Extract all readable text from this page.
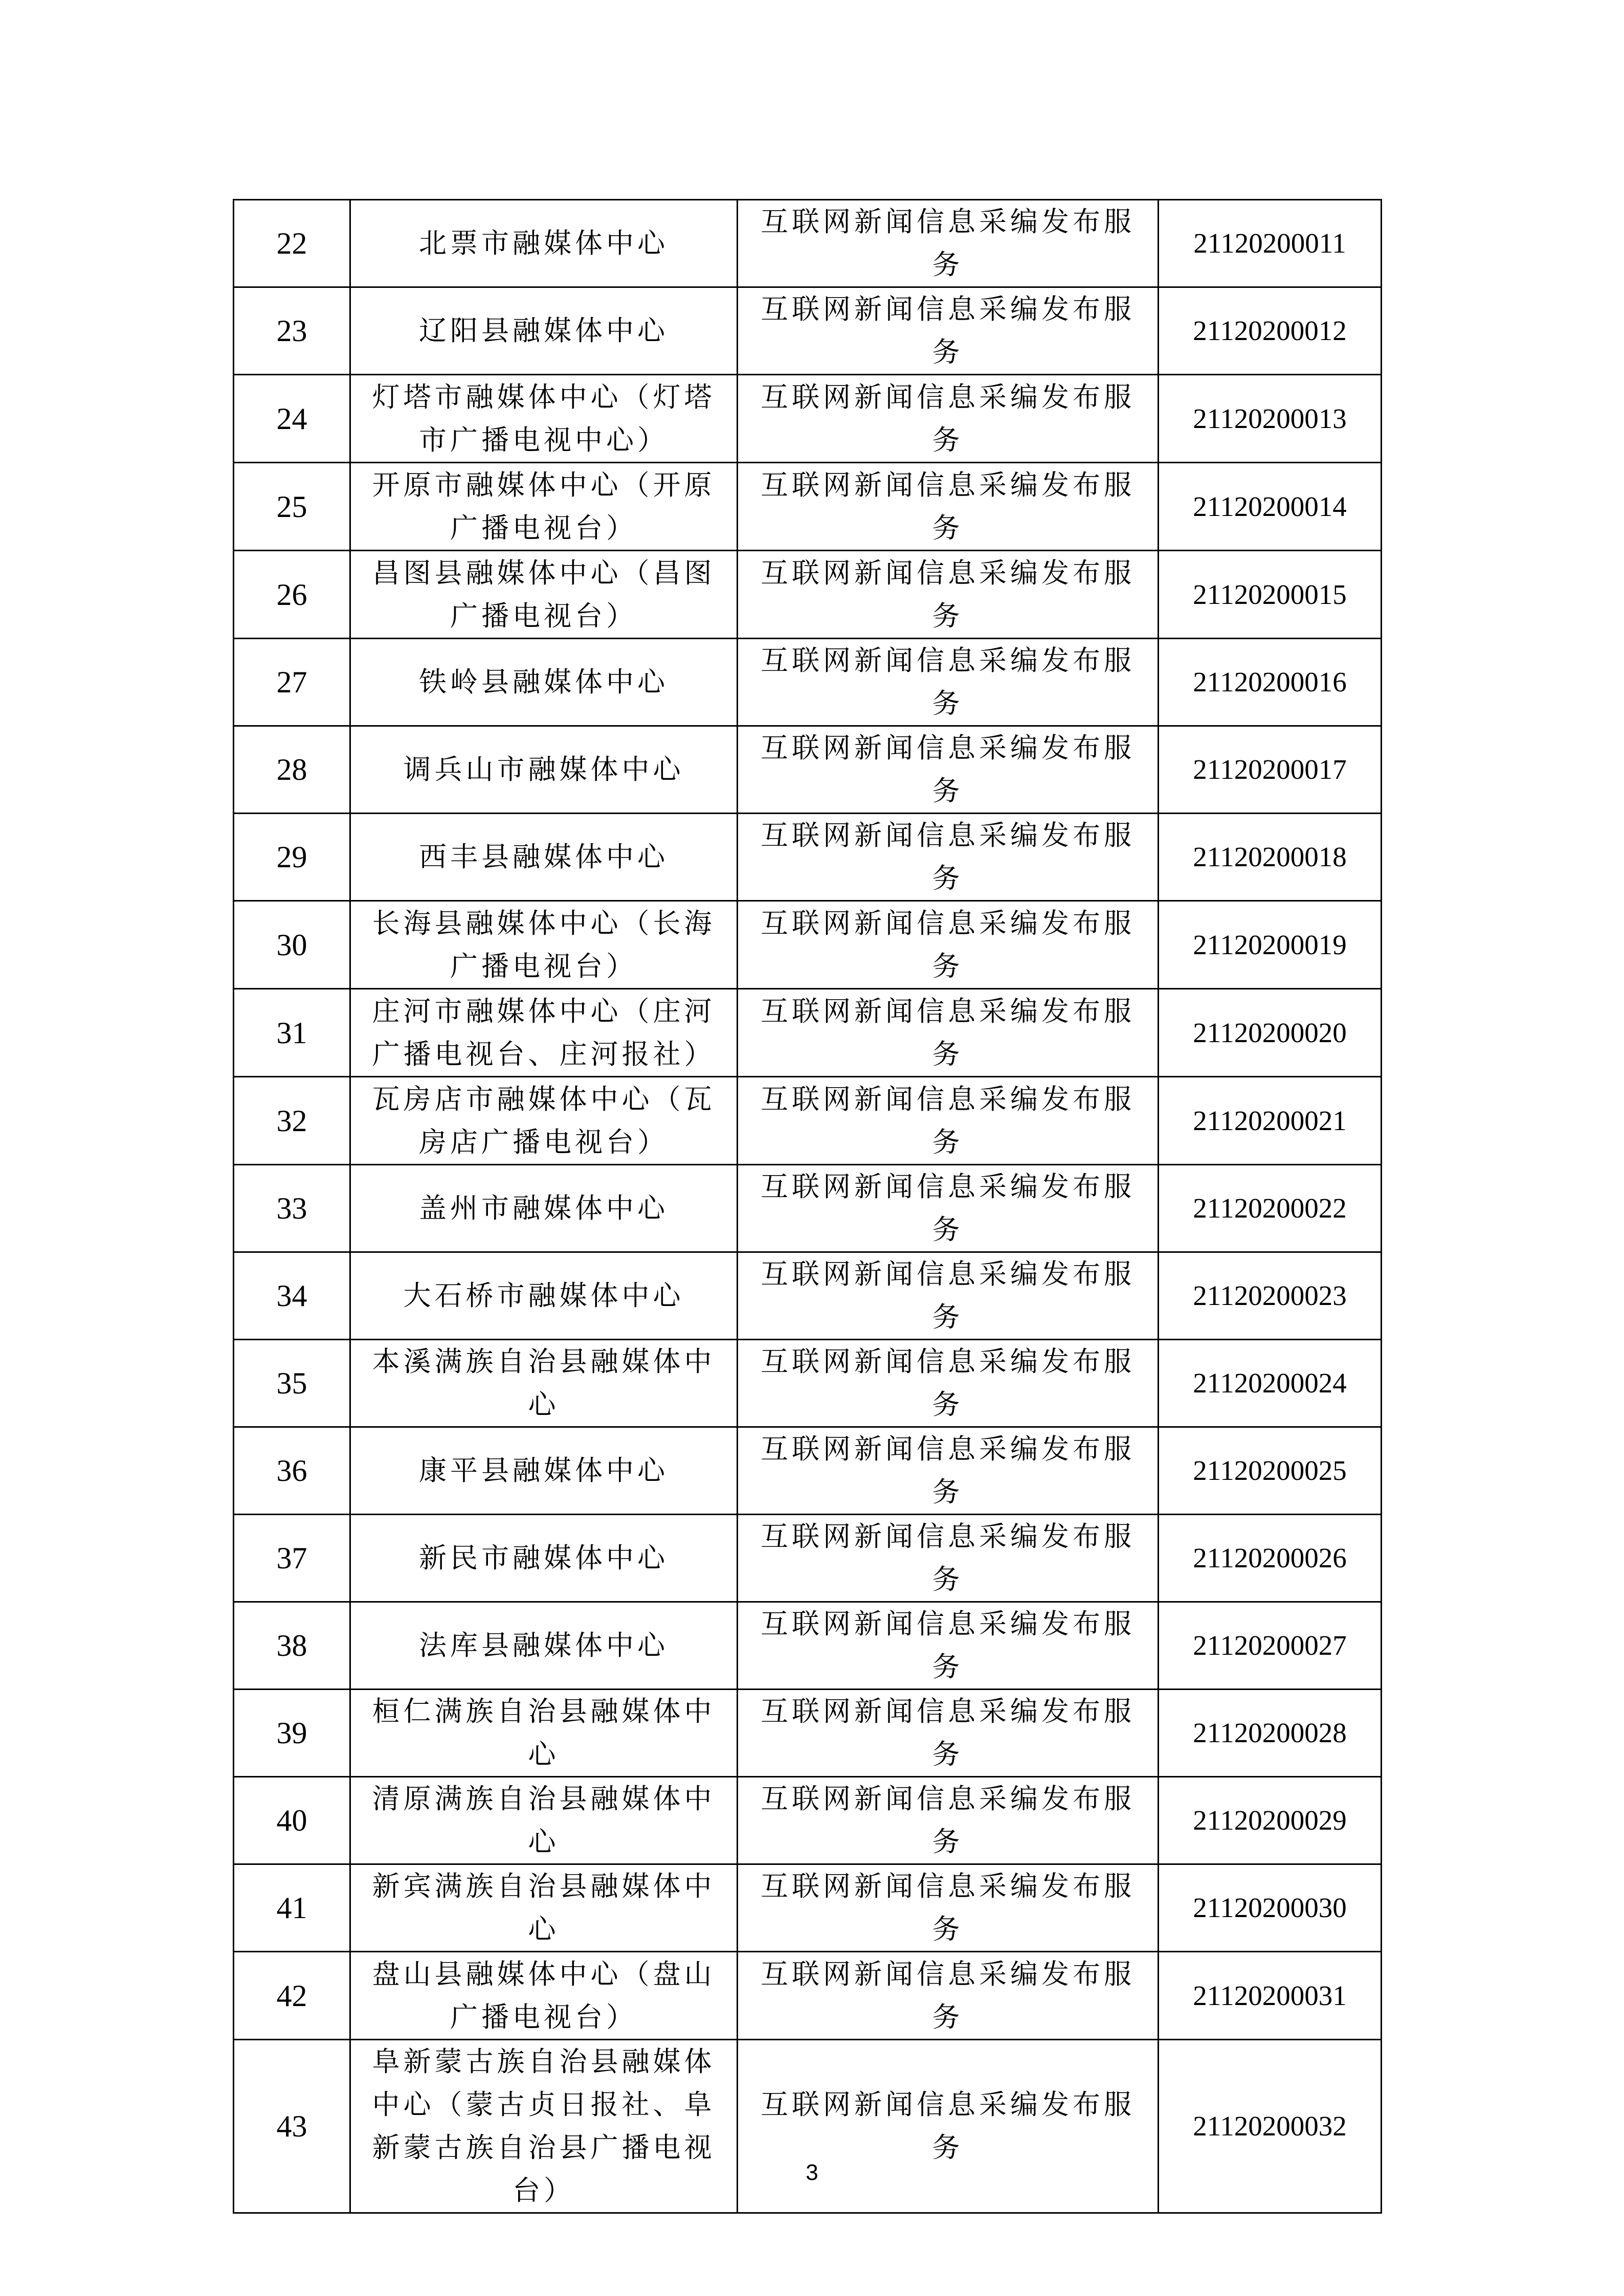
22	北票市融媒体中心	互联网新闻信息采编发布服务	21120200011
23	辽阳县融媒体中心	互联网新闻信息采编发布服务	21120200012
24	灯塔市融媒体中心（灯塔市广播电视中心）	互联网新闻信息采编发布服务	21120200013
25	开原市融媒体中心（开原广播电视台）	互联网新闻信息采编发布服务	21120200014
26	昌图县融媒体中心（昌图广播电视台）	互联网新闻信息采编发布服务	21120200015
27	铁岭县融媒体中心	互联网新闻信息采编发布服务	21120200016
28	调兵山市融媒体中心	互联网新闻信息采编发布服务	21120200017
29	西丰县融媒体中心	互联网新闻信息采编发布服务	21120200018
30	长海县融媒体中心（长海广播电视台）	互联网新闻信息采编发布服务	21120200019
31	庄河市融媒体中心（庄河广播电视台、庄河报社）	互联网新闻信息采编发布服务	21120200020
32	瓦房店市融媒体中心（瓦房店广播电视台）	互联网新闻信息采编发布服务	21120200021
33	盖州市融媒体中心	互联网新闻信息采编发布服务	21120200022
34	大石桥市融媒体中心	互联网新闻信息采编发布服务	21120200023
35	本溪满族自治县融媒体中心	互联网新闻信息采编发布服务	21120200024
36	康平县融媒体中心	互联网新闻信息采编发布服务	21120200025
37	新民市融媒体中心	互联网新闻信息采编发布服务	21120200026
38	法库县融媒体中心	互联网新闻信息采编发布服务	21120200027
39	桓仁满族自治县融媒体中心	互联网新闻信息采编发布服务	21120200028
40	清原满族自治县融媒体中心	互联网新闻信息采编发布服务	21120200029
41	新宾满族自治县融媒体中心	互联网新闻信息采编发布服务	21120200030
42	盘山县融媒体中心（盘山广播电视台）	互联网新闻信息采编发布服务	21120200031
43	阜新蒙古族自治县融媒体中心（蒙古贞日报社、阜新蒙古族自治县广播电视台）	互联网新闻信息采编发布服务	21120200032
3
